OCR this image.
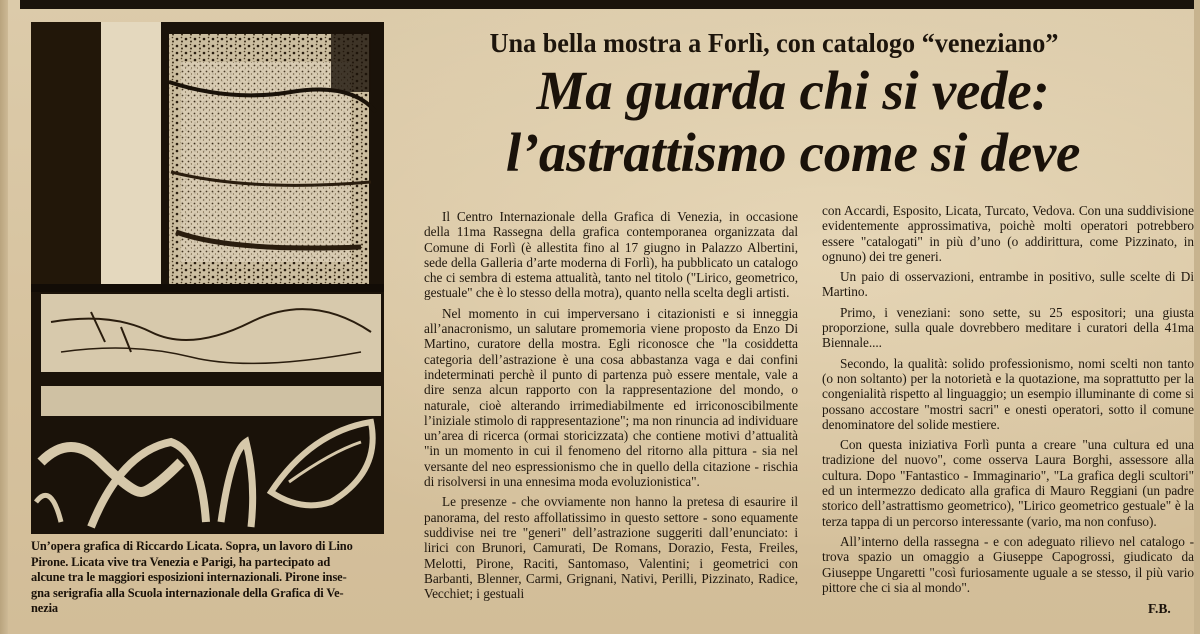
Un’opera grafica di Riccardo Licata. Sopra, un lavoro di Lino
Pirone. Licata vive tra Venezia e Parigi, ha partecipato ad
alcune tra le maggiori esposizioni internazionali. Pirone inse-
gna serigrafia alla Scuola internazionale della Grafica di Ve-
nezia
Una bella mostra a Forlì, con catalogo “veneziano”
Ma guarda chi si vede:
l’astrattismo come si deve

Il Centro Internazionale della Grafica di Venezia, in occasione della 11ma Rassegna della grafica contemporanea organizzata dal Comune di Forlì (è allestita fino al 17 giugno in Palazzo Albertini, sede della Galleria d’arte moderna di Forlì), ha pubblicato un catalogo che ci sembra di estema attualità, tanto nel titolo ("Lirico, geometrico, gestuale" che è lo stesso della motra), quanto nella scelta degli artisti.

Nel momento in cui imperversano i citazionisti e si inneggia all’anacronismo, un salutare promemoria viene proposto da Enzo Di Martino, curatore della mostra. Egli riconosce che "la cosiddetta categoria dell’astrazione è una cosa abbastanza vaga e dai confini indeterminati perchè il punto di partenza può essere mentale, vale a dire senza alcun rapporto con la rappresentazione del mondo, o naturale, cioè alterando irrimediabilmente ed irriconoscibilmente l’iniziale stimolo di rappresentazione"; ma non rinuncia ad individuare un’area di ricerca (ormai storicizzata) che contiene motivi d’attualità "in un momento in cui il fenomeno del ritorno alla pittura - sia nel versante del neo espressionismo che in quello della citazione - rischia di risolversi in una ennesima moda evoluzionistica".

Le presenze - che ovviamente non hanno la pretesa di esaurire il panorama, del resto affollatissimo in questo settore - sono equamente suddivise nei tre "generi" dell’astrazione suggeriti dall’enunciato: i lirici con Brunori, Camurati, De Romans, Dorazio, Festa, Freiles, Melotti, Pirone, Raciti, Santomaso, Valentini; i geometrici con Barbanti, Blenner, Carmi, Grignani, Nativi, Perilli, Pizzinato, Radice, Vecchiet; i gestuali

con Accardi, Esposito, Licata, Turcato, Vedova. Con una suddivisione evidentemente approssimativa, poichè molti operatori potrebbero essere "catalogati" in più d’uno (o addirittura, come Pizzinato, in ognuno) dei tre generi.

Un paio di osservazioni, entrambe in positivo, sulle scelte di Di Martino.

Primo, i veneziani: sono sette, su 25 espositori; una giusta proporzione, sulla quale dovrebbero meditare i curatori della 41ma Biennale....

Secondo, la qualità: solido professionismo, nomi scelti non tanto (o non soltanto) per la notorietà e la quotazione, ma soprattutto per la congenialità rispetto al linguaggio; un esempio illuminante di come si possano accostare "mostri sacri" e onesti operatori, sotto il comune denominatore del solide mestiere.

Con questa iniziativa Forlì punta a creare "una cultura ed una tradizione del nuovo", come osserva Laura Borghi, assessore alla cultura. Dopo "Fantastico - Immaginario", "La grafica degli scultori" ed un intermezzo dedicato alla grafica di Mauro Reggiani (un padre storico dell’astrattismo geometrico), "Lirico geometrico gestuale" è la terza tappa di un percorso interessante (vario, ma non confuso).

All’interno della rassegna - e con adeguato rilievo nel catalogo - trova spazio un omaggio a Giuseppe Capogrossi, giudicato da Giuseppe Ungaretti "così furiosamente uguale a se stesso, il più vario pittore che ci sia al mondo".

F.B.
